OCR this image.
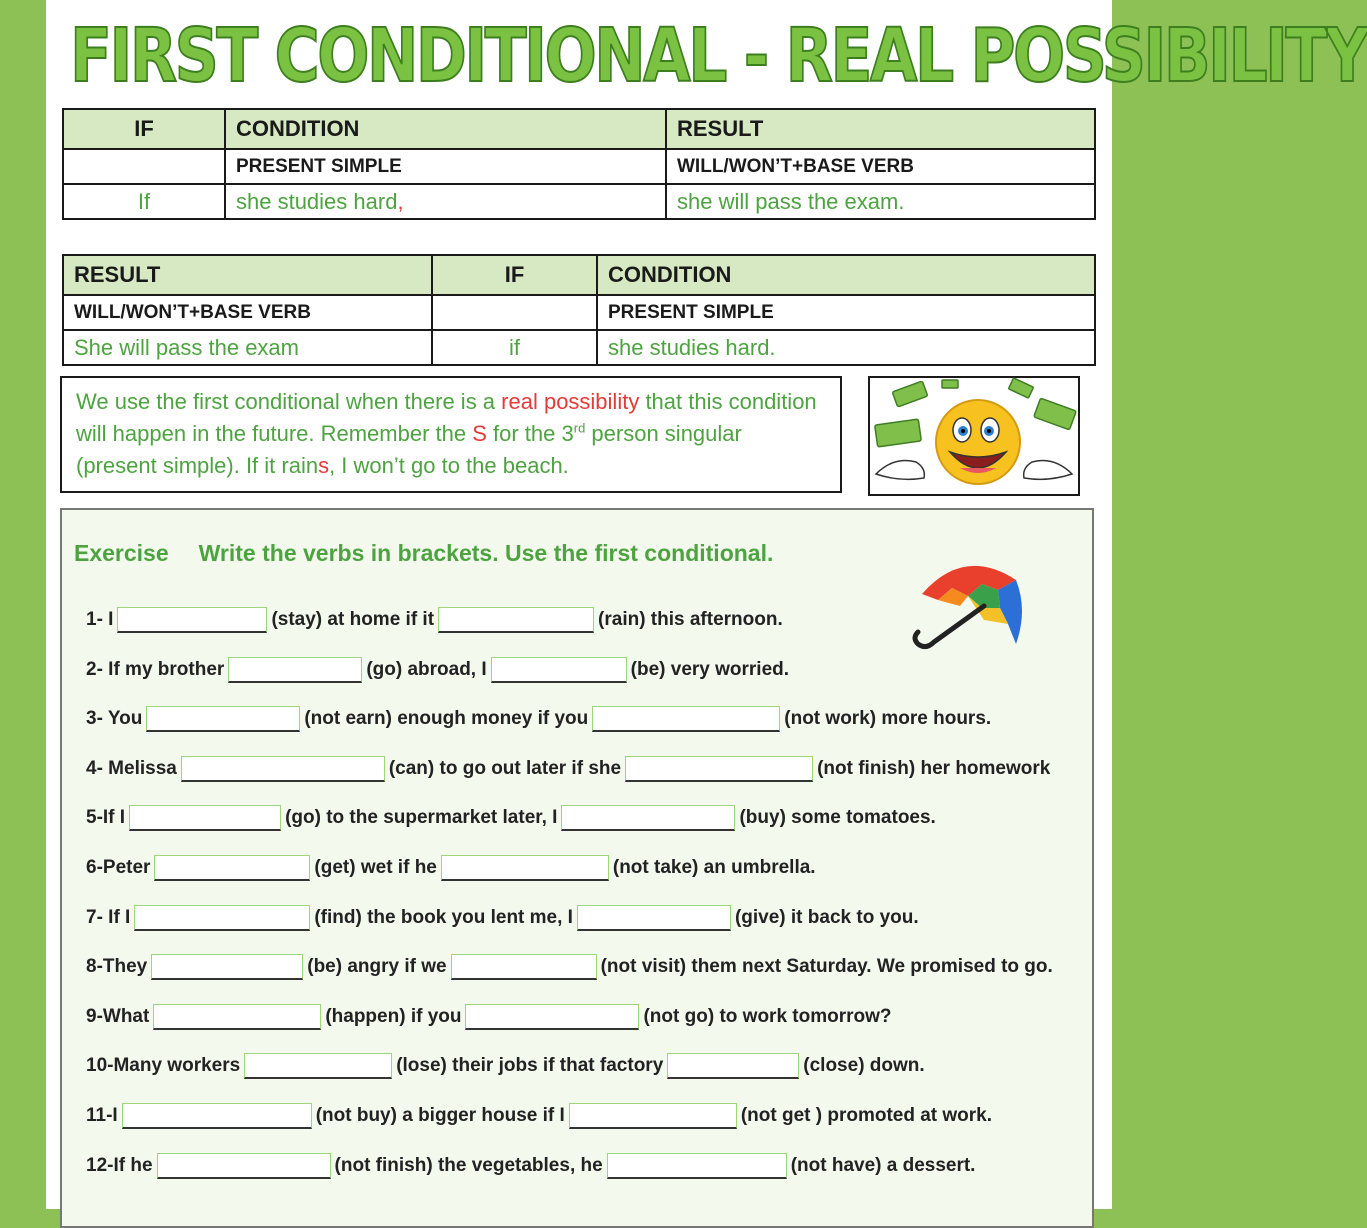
FIRST CONDITIONAL - REAL POSSIBILITY
IF	CONDITION	RESULT
	PRESENT SIMPLE	WILL/WON’T+BASE VERB
If	she studies hard,	she will pass the exam.
RESULT	IF	CONDITION
WILL/WON’T+BASE VERB		PRESENT SIMPLE
She will pass the exam	if	she studies hard.
We use the first conditional when there is a real possibility that this condition will happen in the future. Remember the S for the 3rd person singular (present simple). If it rains, I won’t go to the beach.
Exercise Write the verbs in brackets. Use the first conditional.
1- I	(stay) at home if it	(rain) this afternoon.
2- If my brother	(go) abroad, I	(be) very worried.
3- You	(not earn) enough money if you	(not work) more hours.
4- Melissa	(can) to go out later if she	(not finish) her homework
5-If I	(go) to the supermarket later, I	(buy) some tomatoes.
6-Peter	(get) wet if he	(not take) an umbrella.
7- If I	(find) the book you lent me, I	(give) it back to you.
8-They	(be) angry if we	(not visit) them next Saturday. We promised to go.
9-What	(happen) if you	(not go) to work tomorrow?
10-Many workers	(lose) their jobs if that factory	(close) down.
11-I	(not buy) a bigger house if I	(not get ) promoted at work.
12-If he	(not finish) the vegetables, he	(not have) a dessert.
